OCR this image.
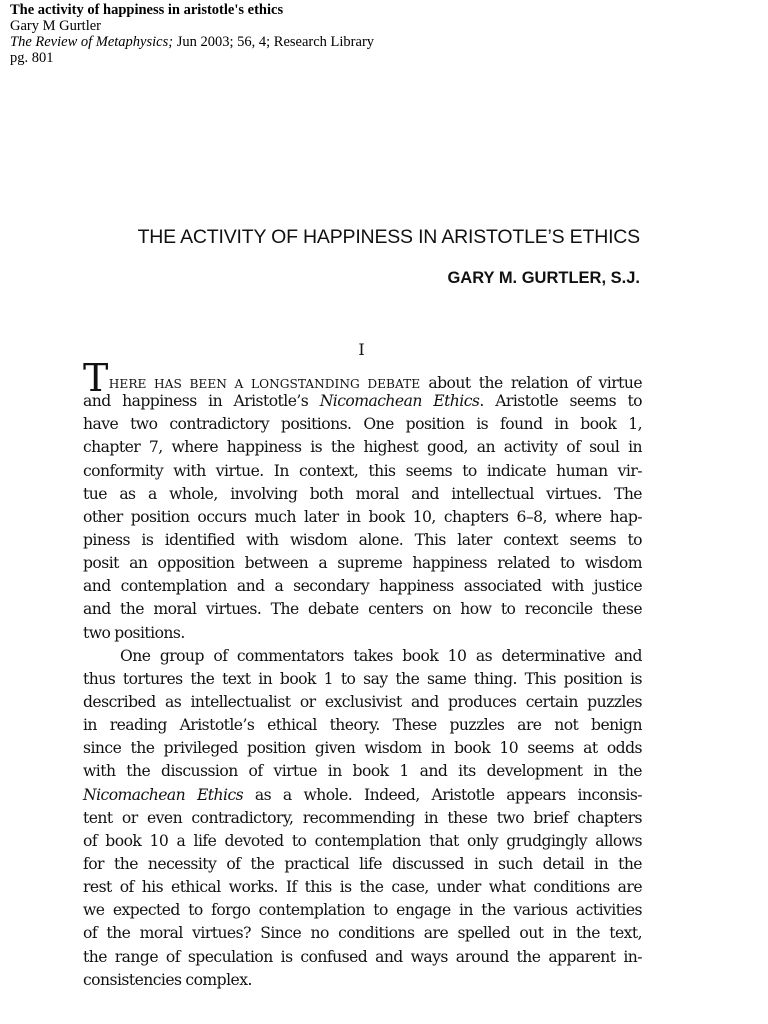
The activity of happiness in aristotle's ethics
Gary M Gurtler
The Review of Metaphysics; Jun 2003; 56, 4; Research Library
pg. 801
THE ACTIVITY OF HAPPINESS IN ARISTOTLE’S ETHICS
GARY M. GURTLER, S.J.
I
THERE HAS BEEN A LONGSTANDING DEBATE about the relation of virtue
and happiness in Aristotle’s Nicomachean Ethics. Aristotle seems to
have two contradictory positions. One position is found in book 1,
chapter 7, where happiness is the highest good, an activity of soul in
conformity with virtue. In context, this seems to indicate human vir-
tue as a whole, involving both moral and intellectual virtues. The
other position occurs much later in book 10, chapters 6–8, where hap-
piness is identified with wisdom alone. This later context seems to
posit an opposition between a supreme happiness related to wisdom
and contemplation and a secondary happiness associated with justice
and the moral virtues. The debate centers on how to reconcile these
two positions.
One group of commentators takes book 10 as determinative and
thus tortures the text in book 1 to say the same thing. This position is
described as intellectualist or exclusivist and produces certain puzzles
in reading Aristotle’s ethical theory. These puzzles are not benign
since the privileged position given wisdom in book 10 seems at odds
with the discussion of virtue in book 1 and its development in the
Nicomachean Ethics as a whole. Indeed, Aristotle appears inconsis-
tent or even contradictory, recommending in these two brief chapters
of book 10 a life devoted to contemplation that only grudgingly allows
for the necessity of the practical life discussed in such detail in the
rest of his ethical works. If this is the case, under what conditions are
we expected to forgo contemplation to engage in the various activities
of the moral virtues? Since no conditions are spelled out in the text,
the range of speculation is confused and ways around the apparent in-
consistencies complex.
